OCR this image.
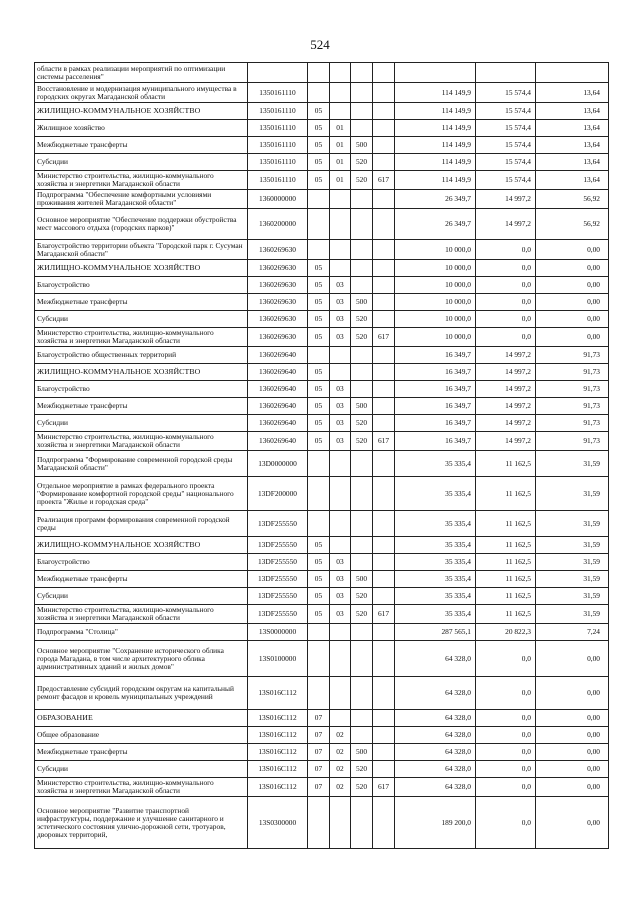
524
области в рамках реализации мероприятий по оптимизации системы расселения"								
Восстановление и модернизация муниципального имущества в городских округах Магаданской области	1350161110					114 149,9	15 574,4	13,64
ЖИЛИЩНО-КОММУНАЛЬНОЕ ХОЗЯЙСТВО	1350161110	05				114 149,9	15 574,4	13,64
Жилищное хозяйство	1350161110	05	01			114 149,9	15 574,4	13,64
Межбюджетные трансферты	1350161110	05	01	500		114 149,9	15 574,4	13,64
Субсидии	1350161110	05	01	520		114 149,9	15 574,4	13,64
Министерство строительства, жилищно-коммунального хозяйства и энергетики Магаданской области	1350161110	05	01	520	617	114 149,9	15 574,4	13,64
Подпрограмма "Обеспечение комфортными условиями проживания жителей Магаданской области"	1360000000					26 349,7	14 997,2	56,92
Основное мероприятие "Обеспечение поддержки обустройства мест массового отдыха (городских парков)"	1360200000					26 349,7	14 997,2	56,92
Благоустройство территории объекта "Городской парк г. Сусуман Магаданской области"	1360269630					10 000,0	0,0	0,00
ЖИЛИЩНО-КОММУНАЛЬНОЕ ХОЗЯЙСТВО	1360269630	05				10 000,0	0,0	0,00
Благоустройство	1360269630	05	03			10 000,0	0,0	0,00
Межбюджетные трансферты	1360269630	05	03	500		10 000,0	0,0	0,00
Субсидии	1360269630	05	03	520		10 000,0	0,0	0,00
Министерство строительства, жилищно-коммунального хозяйства и энергетики Магаданской области	1360269630	05	03	520	617	10 000,0	0,0	0,00
Благоустройство общественных территорий	1360269640					16 349,7	14 997,2	91,73
ЖИЛИЩНО-КОММУНАЛЬНОЕ ХОЗЯЙСТВО	1360269640	05				16 349,7	14 997,2	91,73
Благоустройство	1360269640	05	03			16 349,7	14 997,2	91,73
Межбюджетные трансферты	1360269640	05	03	500		16 349,7	14 997,2	91,73
Субсидии	1360269640	05	03	520		16 349,7	14 997,2	91,73
Министерство строительства, жилищно-коммунального хозяйства и энергетики Магаданской области	1360269640	05	03	520	617	16 349,7	14 997,2	91,73
Подпрограмма "Формирование современной городской среды Магаданской области"	13D0000000					35 335,4	11 162,5	31,59
Отдельное мероприятие в рамках федерального проекта "Формирование комфортной городской среды" национального проекта "Жилье и городская среда"	13DF200000					35 335,4	11 162,5	31,59
Реализация программ формирования современной городской среды	13DF255550					35 335,4	11 162,5	31,59
ЖИЛИЩНО-КОММУНАЛЬНОЕ ХОЗЯЙСТВО	13DF255550	05				35 335,4	11 162,5	31,59
Благоустройство	13DF255550	05	03			35 335,4	11 162,5	31,59
Межбюджетные трансферты	13DF255550	05	03	500		35 335,4	11 162,5	31,59
Субсидии	13DF255550	05	03	520		35 335,4	11 162,5	31,59
Министерство строительства, жилищно-коммунального хозяйства и энергетики Магаданской области	13DF255550	05	03	520	617	35 335,4	11 162,5	31,59
Подпрограмма "Столица"	13S0000000					287 565,1	20 822,3	7,24
Основное мероприятие "Сохранение исторического облика города Магадана, в том числе архитектурного облика административных зданий и жилых домов"	13S0100000					64 328,0	0,0	0,00
Предоставление субсидий городским округам на капитальный ремонт фасадов и кровель муниципальных учреждений	13S016C112					64 328,0	0,0	0,00
ОБРАЗОВАНИЕ	13S016C112	07				64 328,0	0,0	0,00
Общее образование	13S016C112	07	02			64 328,0	0,0	0,00
Межбюджетные трансферты	13S016C112	07	02	500		64 328,0	0,0	0,00
Субсидии	13S016C112	07	02	520		64 328,0	0,0	0,00
Министерство строительства, жилищно-коммунального хозяйства и энергетики Магаданской области	13S016C112	07	02	520	617	64 328,0	0,0	0,00
Основное мероприятие "Развитие транспортной инфраструктуры, поддержание и улучшение санитарного и эстетического состояния улично-дорожной сети, тротуаров, дворовых территорий,	13S0300000					189 200,0	0,0	0,00
